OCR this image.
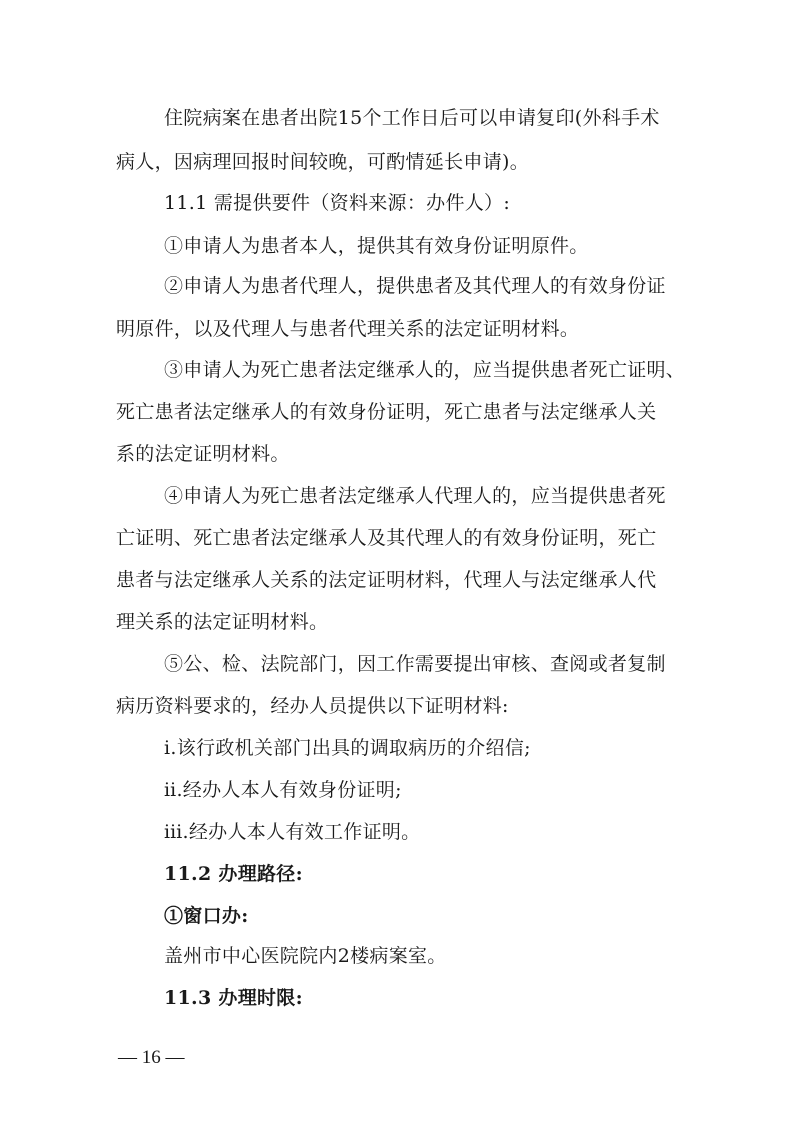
住院病案在患者出院15个工作日后可以申请复印(外科手术
病人，因病理回报时间较晚，可酌情延长申请)。
11.1 需提供要件（资料来源：办件人）:
①申请人为患者本人，提供其有效身份证明原件。
②申请人为患者代理人，提供患者及其代理人的有效身份证
明原件，以及代理人与患者代理关系的法定证明材料。
③申请人为死亡患者法定继承人的，应当提供患者死亡证明、
死亡患者法定继承人的有效身份证明，死亡患者与法定继承人关
系的法定证明材料。
④申请人为死亡患者法定继承人代理人的，应当提供患者死
亡证明、死亡患者法定继承人及其代理人的有效身份证明，死亡
患者与法定继承人关系的法定证明材料，代理人与法定继承人代
理关系的法定证明材料。
⑤公、检、法院部门，因工作需要提出审核、查阅或者复制
病历资料要求的，经办人员提供以下证明材料:
ⅰ.该行政机关部门出具的调取病历的介绍信;
ⅱ.经办人本人有效身份证明;
ⅲ.经办人本人有效工作证明。
11.2 办理路径:
①窗口办:
盖州市中心医院院内2楼病案室。
11.3 办理时限:
— 16 —
